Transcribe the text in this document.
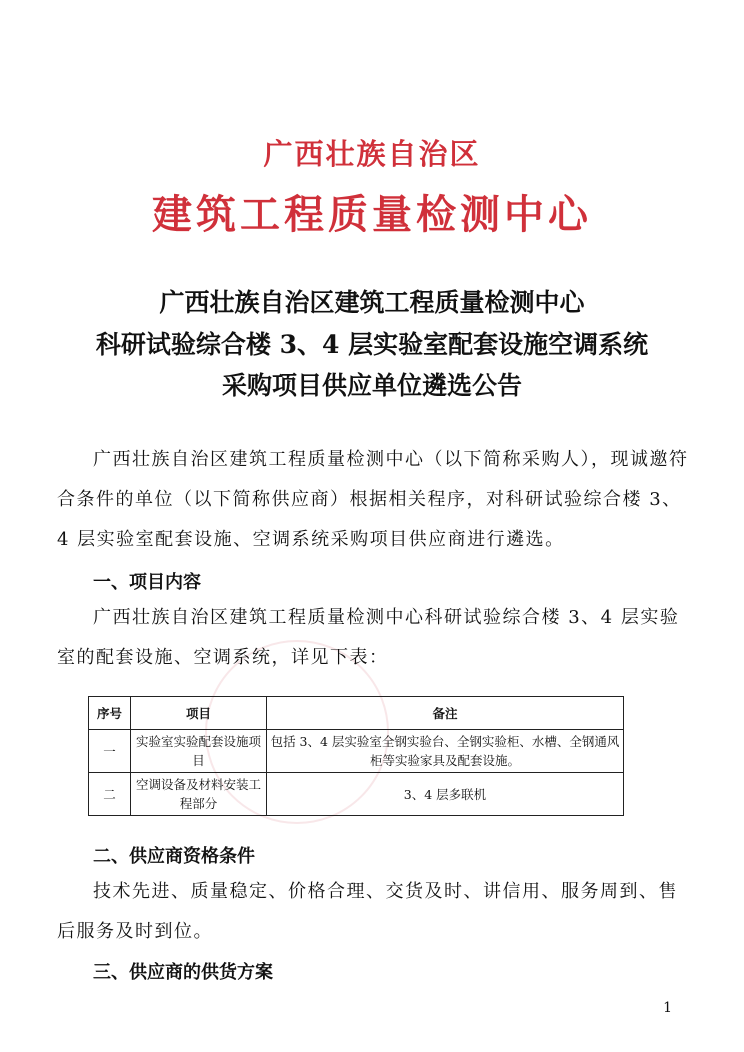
广西壮族自治区
建筑工程质量检测中心
广西壮族自治区建筑工程质量检测中心
科研试验综合楼 3、4 层实验室配套设施空调系统
采购项目供应单位遴选公告
广西壮族自治区建筑工程质量检测中心（以下简称采购人），现诚邀符合条件的单位（以下简称供应商）根据相关程序，对科研试验综合楼 3、4 层实验室配套设施、空调系统采购项目供应商进行遴选。
一、项目内容
广西壮族自治区建筑工程质量检测中心科研试验综合楼 3、4 层实验室的配套设施、空调系统，详见下表：
序号	项目	备注
一	实验室实验配套设施项目	包括 3、4 层实验室全钢实验台、全钢实验柜、水槽、全钢通风柜等实验家具及配套设施。
二	空调设备及材料安装工程部分	3、4 层多联机
二、供应商资格条件
技术先进、质量稳定、价格合理、交货及时、讲信用、服务周到、售后服务及时到位。
三、供应商的供货方案
1
